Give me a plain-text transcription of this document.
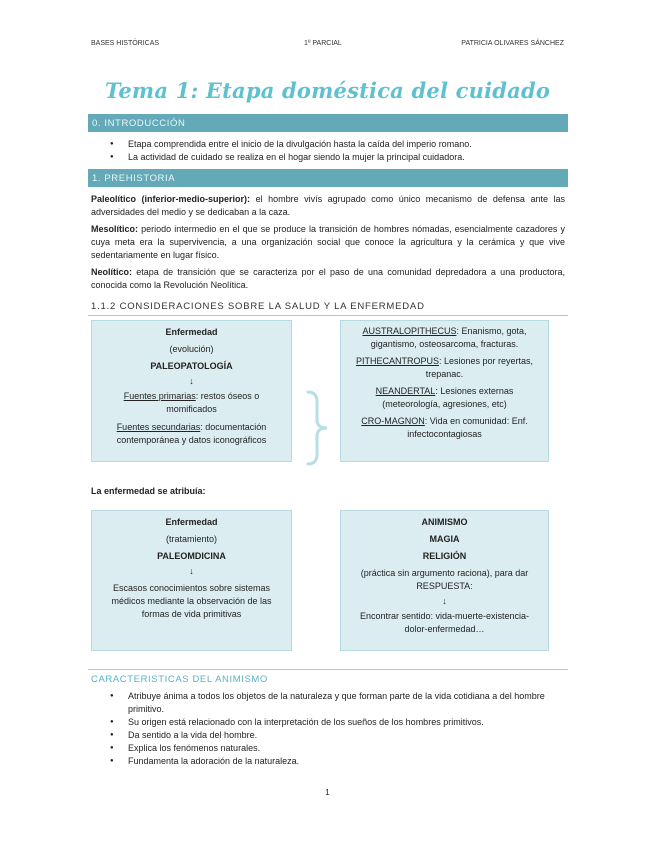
BASES HISTÓRICAS	1º PARCIAL	PATRICIA OLIVARES SÁNCHEZ
Tema 1: Etapa doméstica del cuidado
0. INTRODUCCIÓN
● Etapa comprendida entre el inicio de la divulgación hasta la caída del imperio romano.
● La actividad de cuidado se realiza en el hogar siendo la mujer la principal cuidadora.
1. PREHISTORIA
Paleolítico (inferior-medio-superior): el hombre vivís agrupado como único mecanismo de defensa ante las adversidades del medio y se dedicaban a la caza.
Mesolítico: periodo intermedio en el que se produce la transición de hombres nómadas, esencialmente cazadores y cuya meta era la supervivencia, a una organización social que conoce la agricultura y la cerámica y que vive sedentariamente en lugar físico.
Neolítico: etapa de transición que se caracteriza por el paso de una comunidad depredadora a una productora, conocida como la Revolución Neolítica.
1.1.2 CONSIDERACIONES SOBRE LA SALUD Y LA ENFERMEDAD

Enfermedad

(evolución)

PALEOPATOLOGÍA

↓

Fuentes primarias: restos óseos o momificados

Fuentes secundarias: documentación contemporánea y datos iconográficos

AUSTRALOPITHECUS: Enanismo, gota, gigantismo, osteosarcoma, fracturas.

PITHECANTROPUS: Lesiones por reyertas, trepanac.

NEANDERTAL: Lesiones externas (meteorología, agresiones, etc)

CRO-MAGNON: Vida en comunidad: Enf. infectocontagiosas

La enfermedad se atribuía:

Enfermedad

(tratamiento)

PALEOMDICINA

↓

Escasos conocimientos sobre sistemas médicos mediante la observación de las formas de vida primitivas

ANIMISMO

MAGIA

RELIGIÓN

(práctica sin argumento raciona), para dar RESPUESTA:

↓

Encontrar sentido: vida-muerte-existencia-dolor-enfermedad…

CARACTERISTICAS DEL ANIMISMO
● Atribuye ánima a todos los objetos de la naturaleza y que forman parte de la vida cotidiana a del hombre primitivo.
● Su origen está relacionado con la interpretación de los sueños de los hombres primitivos.
● Da sentido a la vida del hombre.
● Explica los fenómenos naturales.
● Fundamenta la adoración de la naturaleza.
1
